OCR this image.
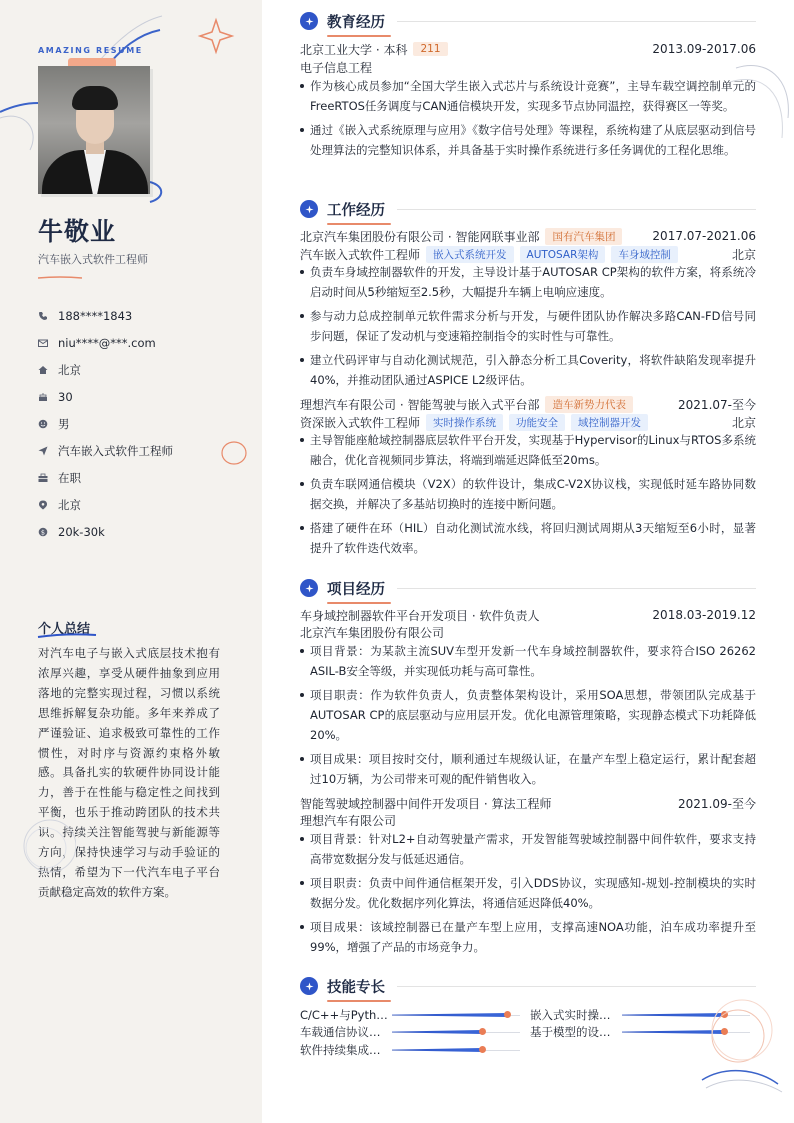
AMAZING RESUME
牛敬业
汽车嵌入式软件工程师
188****1843
niu****@***.com
北京
30
男
汽车嵌入式软件工程师
在职
北京
$ 20k-30k
个人总结
对汽车电子与嵌入式底层技术抱有浓厚兴趣，享受从硬件抽象到应用落地的完整实现过程，习惯以系统思维拆解复杂功能。多年来养成了严谨验证、追求极致可靠性的工作惯性，对时序与资源约束格外敏感。具备扎实的软硬件协同设计能力，善于在性能与稳定性之间找到平衡，也乐于推动跨团队的技术共识。持续关注智能驾驶与新能源等方向，保持快速学习与动手验证的热情，希望为下一代汽车电子平台贡献稳定高效的软件方案。
教育经历
北京工业大学 · 本科	211	2013.09-2017.06
电子信息工程
作为核心成员参加“全国大学生嵌入式芯片与系统设计竞赛”，主导车载空调控制单元的FreeRTOS任务调度与CAN通信模块开发，实现多节点协同温控，获得赛区一等奖。
通过《嵌入式系统原理与应用》《数字信号处理》等课程，系统构建了从底层驱动到信号处理算法的完整知识体系，并具备基于实时操作系统进行多任务调优的工程化思维。
工作经历
北京汽车集团股份有限公司 · 智能网联事业部	国有汽车集团	2017.07-2021.06
汽车嵌入式软件工程师	嵌入式系统开发	AUTOSAR架构	车身域控制	北京
负责车身域控制器软件的开发，主导设计基于AUTOSAR CP架构的软件方案，将系统冷启动时间从5秒缩短至2.5秒，大幅提升车辆上电响应速度。
参与动力总成控制单元软件需求分析与开发，与硬件团队协作解决多路CAN-FD信号同步问题，保证了发动机与变速箱控制指令的实时性与可靠性。
建立代码评审与自动化测试规范，引入静态分析工具Coverity，将软件缺陷发现率提升40%，并推动团队通过ASPICE L2级评估。
理想汽车有限公司 · 智能驾驶与嵌入式平台部	造车新势力代表	2021.07-至今
资深嵌入式软件工程师	实时操作系统	功能安全	域控制器开发	北京
主导智能座舱域控制器底层软件平台开发，实现基于Hypervisor的Linux与RTOS多系统融合，优化音视频同步算法，将端到端延迟降低至20ms。
负责车联网通信模块（V2X）的软件设计，集成C-V2X协议栈，实现低时延车路协同数据交换，并解决了多基站切换时的连接中断问题。
搭建了硬件在环（HIL）自动化测试流水线，将回归测试周期从3天缩短至6小时，显著提升了软件迭代效率。
项目经历
车身域控制器软件平台开发项目 · 软件负责人	2018.03-2019.12
北京汽车集团股份有限公司
项目背景：为某款主流SUV车型开发新一代车身域控制器软件，要求符合ISO 26262 ASIL-B安全等级，并实现低功耗与高可靠性。
项目职责：作为软件负责人，负责整体架构设计，采用SOA思想，带领团队完成基于AUTOSAR CP的底层驱动与应用层开发。优化电源管理策略，实现静态模式下功耗降低20%。
项目成果：项目按时交付，顺利通过车规级认证，在量产车型上稳定运行，累计配套超过10万辆，为公司带来可观的配件销售收入。
智能驾驶域控制器中间件开发项目 · 算法工程师	2021.09-至今
理想汽车有限公司
项目背景：针对L2+自动驾驶量产需求，开发智能驾驶域控制器中间件软件，要求支持高带宽数据分发与低延迟通信。
项目职责：负责中间件通信框架开发，引入DDS协议，实现感知-规划-控制模块的实时数据分发。优化数据序列化算法，将通信延迟降低40%。
项目成果：该域控制器已在量产车型上应用，支撑高速NOA功能，泊车成功率提升至99%，增强了产品的市场竞争力。
技能专长
C/C++与Pyth…	嵌入式实时操…
车载通信协议…	基于模型的设…
软件持续集成…
